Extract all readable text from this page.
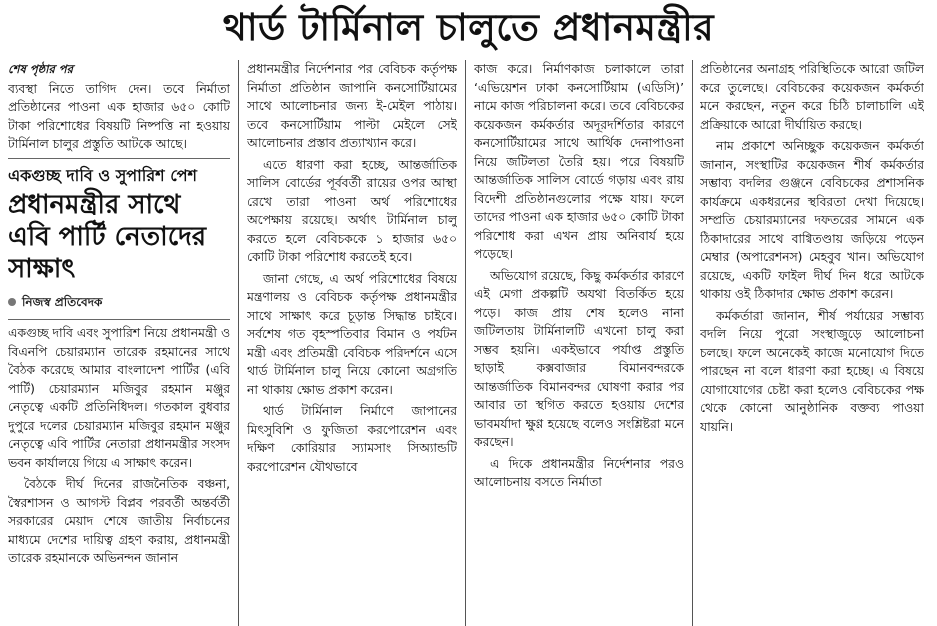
থার্ড টার্মিনাল চালুতে প্রধানমন্ত্রীর
শেষ পৃষ্ঠার পর

ব্যবস্থা নিতে তাগিদ দেন। তবে নির্মাতা প্রতিষ্ঠানের পাওনা এক হাজার ৬৫০ কোটি টাকা পরিশোধের বিষয়টি নিষ্পত্তি না হওয়ায় টার্মিনাল চালুর প্রস্তুতি আটকে আছে।

একগুচ্ছ দাবি ও সুপারিশ পেশ
প্রধানমন্ত্রীর সাথে এবি পার্টি নেতাদের সাক্ষাৎ
নিজস্ব প্রতিবেদক

একগুচ্ছ দাবি এবং সুপারিশ নিয়ে প্রধানমন্ত্রী ও বিএনপি চেয়ারম্যান তারেক রহমানের সাথে বৈঠক করেছে আমার বাংলাদেশ পার্টির (এবি পার্টি) চেয়ারম্যান মজিবুর রহমান মঞ্জুর নেতৃত্বে একটি প্রতিনিধিদল। গতকাল বুধবার দুপুরে দলের চেয়ারম্যান মজিবুর রহমান মঞ্জুর নেতৃত্বে এবি পার্টির নেতারা প্রধানমন্ত্রীর সংসদ ভবন কার্যালয়ে গিয়ে এ সাক্ষাৎ করেন।

বৈঠকে দীর্ঘ দিনের রাজনৈতিক বঞ্চনা, স্বৈরশাসন ও আগস্ট বিপ্লব পরবর্তী অন্তর্বর্তী সরকারের মেয়াদ শেষে জাতীয় নির্বাচনের মাধ্যমে দেশের দায়িত্ব গ্রহণ করায়, প্রধানমন্ত্রী তারেক রহমানকে অভিনন্দন জানান

প্রধানমন্ত্রীর নির্দেশনার পর বেবিচক কর্তৃপক্ষ নির্মাতা প্রতিষ্ঠান জাপানি কনসোর্টিয়ামের সাথে আলোচনার জন্য ই-মেইল পাঠায়। তবে কনসোর্টিয়াম পাল্টা মেইলে সেই আলোচনার প্রস্তাব প্রত্যাখ্যান করে।

এতে ধারণা করা হচ্ছে, আন্তর্জাতিক সালিস বোর্ডের পূর্ববর্তী রায়ের ওপর আস্থা রেখে তারা পাওনা অর্থ পরিশোধের অপেক্ষায় রয়েছে। অর্থাৎ টার্মিনাল চালু করতে হলে বেবিচককে ১ হাজার ৬৫০ কোটি টাকা পরিশোধ করতেই হবে।

জানা গেছে, এ অর্থ পরিশোধের বিষয়ে মন্ত্রণালয় ও বেবিচক কর্তৃপক্ষ প্রধানমন্ত্রীর সাথে সাক্ষাৎ করে চূড়ান্ত সিদ্ধান্ত চাইবে। সর্বশেষ গত বৃহস্পতিবার বিমান ও পর্যটন মন্ত্রী এবং প্রতিমন্ত্রী বেবিচক পরিদর্শনে এসে থার্ড টার্মিনাল চালু নিয়ে কোনো অগ্রগতি না থাকায় ক্ষোভ প্রকাশ করেন।

থার্ড টার্মিনাল নির্মাণে জাপানের মিৎসুবিশি ও ফুজিতা করপোরেশন এবং দক্ষিণ কোরিয়ার স্যামসাং সিঅ্যান্ডটি করপোরেশন যৌথভাবে

কাজ করে। নির্মাণকাজ চলাকালে তারা ‘এভিয়েশন ঢাকা কনসোর্টিয়াম (এডিসি)’ নামে কাজ পরিচালনা করে। তবে বেবিচকের কয়েকজন কর্মকর্তার অদূরদর্শিতার কারণে কনসোর্টিয়ামের সাথে আর্থিক দেনাপাওনা নিয়ে জটিলতা তৈরি হয়। পরে বিষয়টি আন্তর্জাতিক সালিস বোর্ডে গড়ায় এবং রায় বিদেশী প্রতিষ্ঠানগুলোর পক্ষে যায়। ফলে তাদের পাওনা এক হাজার ৬৫০ কোটি টাকা পরিশোধ করা এখন প্রায় অনিবার্য হয়ে পড়েছে।

অভিযোগ রয়েছে, কিছু কর্মকর্তার কারণে এই মেগা প্রকল্পটি অযথা বিতর্কিত হয়ে পড়ে। কাজ প্রায় শেষ হলেও নানা জটিলতায় টার্মিনালটি এখনো চালু করা সম্ভব হয়নি। একইভাবে পর্যাপ্ত প্রস্তুতি ছাড়াই কক্সবাজার বিমানবন্দরকে আন্তর্জাতিক বিমানবন্দর ঘোষণা করার পর আবার তা স্থগিত করতে হওয়ায় দেশের ভাবমর্যাদা ক্ষুণ্ণ হয়েছে বলেও সংশ্লিষ্টরা মনে করছেন।

এ দিকে প্রধানমন্ত্রীর নির্দেশনার পরও আলোচনায় বসতে নির্মাতা

প্রতিষ্ঠানের অনাগ্রহ পরিস্থিতিকে আরো জটিল করে তুলেছে। বেবিচকের কয়েকজন কর্মকর্তা মনে করছেন, নতুন করে চিঠি চালাচালি এই প্রক্রিয়াকে আরো দীর্ঘায়িত করছে।

নাম প্রকাশে অনিচ্ছুক কয়েকজন কর্মকর্তা জানান, সংস্থাটির কয়েকজন শীর্ষ কর্মকর্তার সম্ভাব্য বদলির গুঞ্জনে বেবিচকের প্রশাসনিক কার্যক্রমে একধরনের স্থবিরতা দেখা দিয়েছে। সম্প্রতি চেয়ারম্যানের দফতরের সামনে এক ঠিকাদারের সাথে বাগ্বিতণ্ডায় জড়িয়ে পড়েন মেম্বার (অপারেশনস) মেহবুব খান। অভিযোগ রয়েছে, একটি ফাইল দীর্ঘ দিন ধরে আটকে থাকায় ওই ঠিকাদার ক্ষোভ প্রকাশ করেন।

কর্মকর্তারা জানান, শীর্ষ পর্যায়ের সম্ভাব্য বদলি নিয়ে পুরো সংস্থাজুড়ে আলোচনা চলছে। ফলে অনেকেই কাজে মনোযোগ দিতে পারছেন না বলে ধারণা করা হচ্ছে। এ বিষয়ে যোগাযোগের চেষ্টা করা হলেও বেবিচকের পক্ষ থেকে কোনো আনুষ্ঠানিক বক্তব্য পাওয়া যায়নি।
